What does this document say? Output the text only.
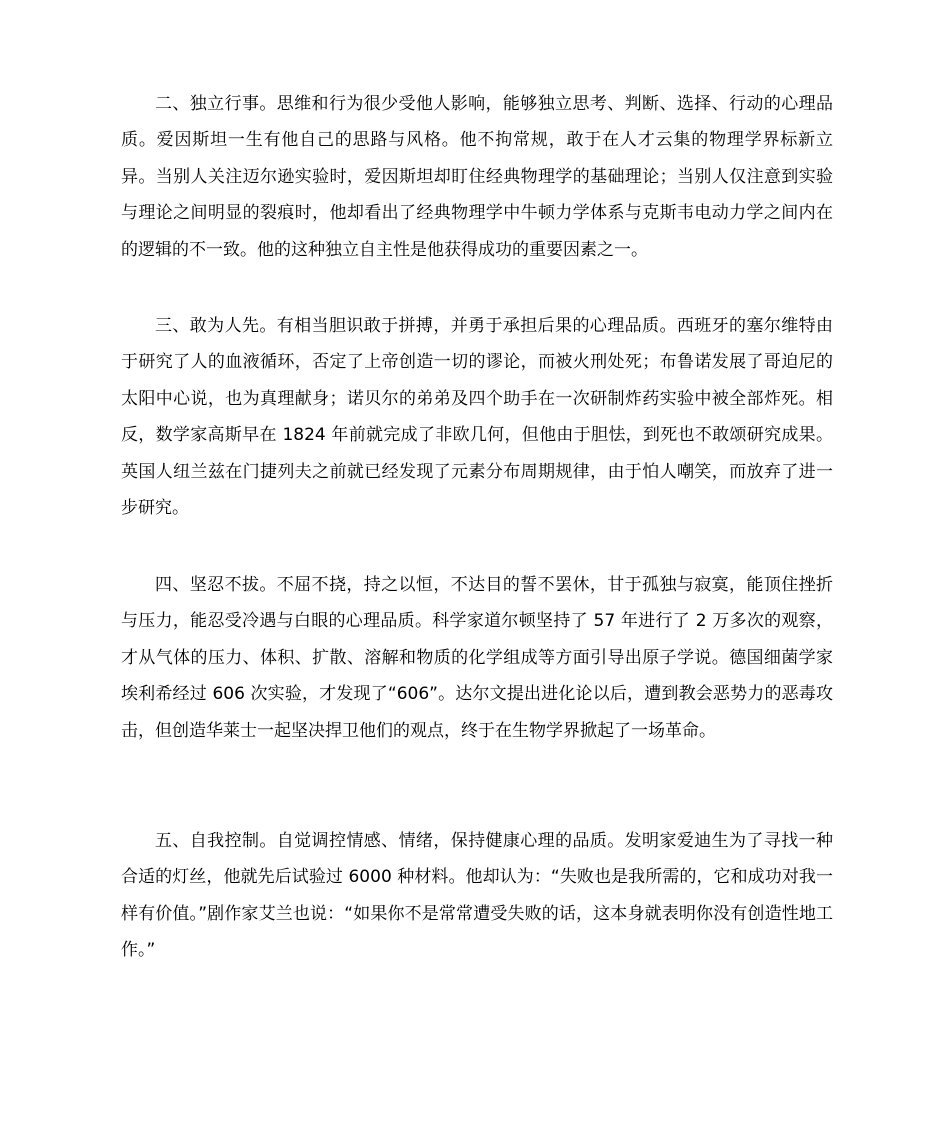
二、独立行事。思维和行为很少受他人影响，能够独立思考、判断、选择、行动的心理品质。爱因斯坦一生有他自己的思路与风格。他不拘常规，敢于在人才云集的物理学界标新立异。当别人关注迈尔逊实验时，爱因斯坦却盯住经典物理学的基础理论；当别人仅注意到实验与理论之间明显的裂痕时，他却看出了经典物理学中牛顿力学体系与克斯韦电动力学之间内在的逻辑的不一致。他的这种独立自主性是他获得成功的重要因素之一。

三、敢为人先。有相当胆识敢于拼搏，并勇于承担后果的心理品质。西班牙的塞尔维特由于研究了人的血液循环，否定了上帝创造一切的谬论，而被火刑处死；布鲁诺发展了哥迫尼的太阳中心说，也为真理献身；诺贝尔的弟弟及四个助手在一次研制炸药实验中被全部炸死。相反，数学家高斯早在 1824 年前就完成了非欧几何，但他由于胆怯，到死也不敢颂研究成果。英国人纽兰兹在门捷列夫之前就已经发现了元素分布周期规律，由于怕人嘲笑，而放弃了进一步研究。

四、坚忍不拔。不屈不挠，持之以恒，不达目的誓不罢休，甘于孤独与寂寞，能顶住挫折与压力，能忍受冷遇与白眼的心理品质。科学家道尔顿坚持了 57 年进行了 2 万多次的观察，才从气体的压力、体积、扩散、溶解和物质的化学组成等方面引导出原子学说。德国细菌学家埃利希经过 606 次实验，才发现了“606”。达尔文提出进化论以后，遭到教会恶势力的恶毒攻击，但创造华莱士一起坚决捍卫他们的观点，终于在生物学界掀起了一场革命。

五、自我控制。自觉调控情感、情绪，保持健康心理的品质。发明家爱迪生为了寻找一种合适的灯丝，他就先后试验过 6000 种材料。他却认为：“失败也是我所需的，它和成功对我一样有价值。”剧作家艾兰也说：“如果你不是常常遭受失败的话，这本身就表明你没有创造性地工作。”
